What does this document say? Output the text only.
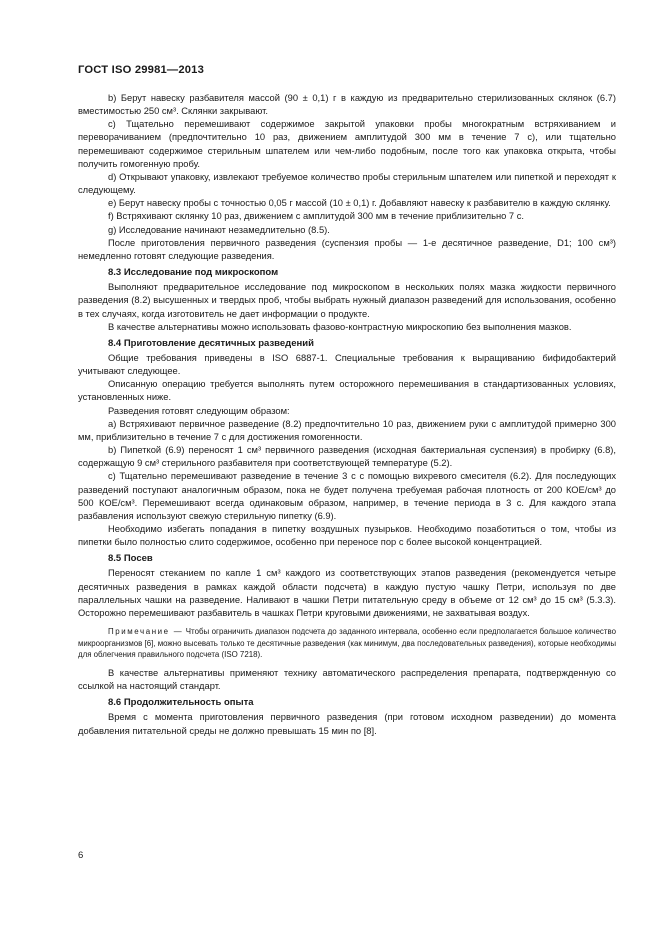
ГОСТ ISO 29981—2013

b) Берут навеску разбавителя массой (90 ± 0,1) г в каждую из предварительно стерилизованных склянок (6.7) вместимостью 250 см³. Склянки закрывают.

c) Тщательно перемешивают содержимое закрытой упаковки пробы многократным встряхиванием и переворачиванием (предпочтительно 10 раз, движением амплитудой 300 мм в течение 7 с), или тщательно перемешивают содержимое стерильным шпателем или чем-либо подобным, после того как упаковка открыта, чтобы получить гомогенную пробу.

d) Открывают упаковку, извлекают требуемое количество пробы стерильным шпателем или пипеткой и переходят к следующему.

e) Берут навеску пробы с точностью 0,05 г массой (10 ± 0,1) г. Добавляют навеску к разбавителю в каждую склянку.

f) Встряхивают склянку 10 раз, движением с амплитудой 300 мм в течение приблизительно 7 с.

g) Исследование начинают незамедлительно (8.5).

После приготовления первичного разведения (суспензия пробы — 1-е десятичное разведение, D1; 100 см³) немедленно готовят следующие разведения.

8.3 Исследование под микроскопом

Выполняют предварительное исследование под микроскопом в нескольких полях мазка жидкости первичного разведения (8.2) высушенных и твердых проб, чтобы выбрать нужный диапазон разведений для использования, особенно в тех случаях, когда изготовитель не дает информации о продукте.

В качестве альтернативы можно использовать фазово-контрастную микроскопию без выполнения мазков.

8.4 Приготовление десятичных разведений

Общие требования приведены в ISO 6887-1. Специальные требования к выращиванию бифидобактерий учитывают следующее.

Описанную операцию требуется выполнять путем осторожного перемешивания в стандартизованных условиях, установленных ниже.

Разведения готовят следующим образом:

a) Встряхивают первичное разведение (8.2) предпочтительно 10 раз, движением руки с амплитудой примерно 300 мм, приблизительно в течение 7 с для достижения гомогенности.

b) Пипеткой (6.9) переносят 1 см³ первичного разведения (исходная бактериальная суспензия) в пробирку (6.8), содержащую 9 см³ стерильного разбавителя при соответствующей температуре (5.2).

c) Тщательно перемешивают разведение в течение 3 с с помощью вихревого смесителя (6.2). Для последующих разведений поступают аналогичным образом, пока не будет получена требуемая рабочая плотность от 200 КОЕ/см³ до 500 КОЕ/см³. Перемешивают всегда одинаковым образом, например, в течение периода в 3 с. Для каждого этапа разбавления используют свежую стерильную пипетку (6.9).

Необходимо избегать попадания в пипетку воздушных пузырьков. Необходимо позаботиться о том, чтобы из пипетки было полностью слито содержимое, особенно при переносе пор с более высокой концентрацией.

8.5 Посев

Переносят стеканием по капле 1 см³ каждого из соответствующих этапов разведения (рекомендуется четыре десятичных разведения в рамках каждой области подсчета) в каждую пустую чашку Петри, используя по две параллельных чашки на разведение. Наливают в чашки Петри питательную среду в объеме от 12 см³ до 15 см³ (5.3.3). Осторожно перемешивают разбавитель в чашках Петри круговыми движениями, не захватывая воздух.

Примечание — Чтобы ограничить диапазон подсчета до заданного интервала, особенно если предполагается большое количество микроорганизмов [6], можно высевать только те десятичные разведения (как минимум, два последовательных разведения), которые необходимы для облегчения правильного подсчета (ISO 7218).

В качестве альтернативы применяют технику автоматического распределения препарата, подтвержденную со ссылкой на настоящий стандарт.

8.6 Продолжительность опыта

Время с момента приготовления первичного разведения (при готовом исходном разведении) до момента добавления питательной среды не должно превышать 15 мин по [8].

6
